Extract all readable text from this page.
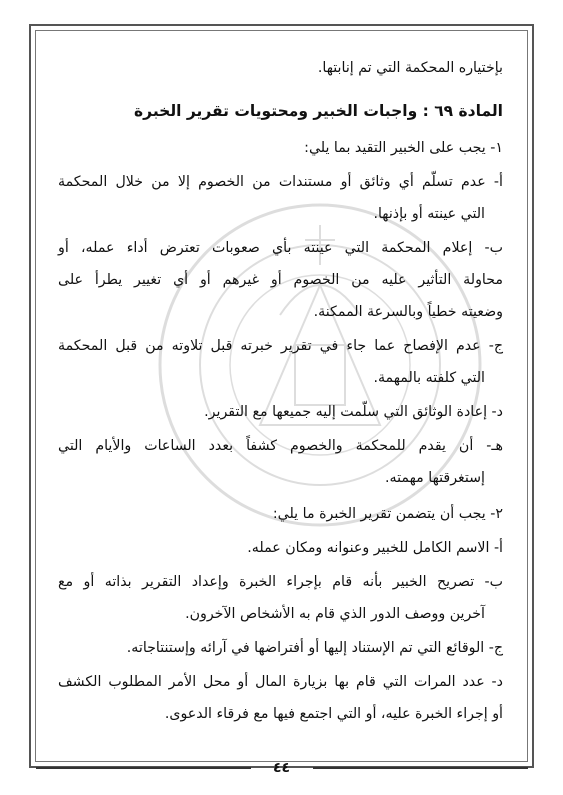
بإختياره المحكمة التي تم إنابتها.
المادة ٦٩ : واجبات الخبير ومحتويات تقرير الخبرة
١- يجب على الخبير التقيد بما يلي:
أ- عدم تسلّم أي وثائق أو مستندات من الخصوم إلا من خلال المحكمة
التي عينته أو بإذنها.
ب- إعلام المحكمة التي عينته بأي صعوبات تعترض أداء عمله، أو
محاولة التأثير عليه من الخصوم أو غيرهم أو أي تغيير يطرأ على
وضعيته خطياً وبالسرعة الممكنة.
ج- عدم الإفصاح عما جاء في تقرير خبرته قبل تلاوته من قبل المحكمة
التي كلفته بالمهمة.
د- إعادة الوثائق التي سلّمت إليه جميعها مع التقرير.
هـ- أن يقدم للمحكمة والخصوم كشفاً بعدد الساعات والأيام التي
إستغرقتها مهمته.
٢- يجب أن يتضمن تقرير الخبرة ما يلي:
أ- الاسم الكامل للخبير وعنوانه ومكان عمله.
ب- تصريح الخبير بأنه قام بإجراء الخبرة وإعداد التقرير بذاته أو مع
آخرين ووصف الدور الذي قام به الأشخاص الآخرون.
ج- الوقائع التي تم الإستناد إليها أو أفتراضها في آرائه وإستنتاجاته.
د- عدد المرات التي قام بها بزيارة المال أو محل الأمر المطلوب الكشف
أو إجراء الخبرة عليه، أو التي اجتمع فيها مع فرقاء الدعوى.
٤٤
